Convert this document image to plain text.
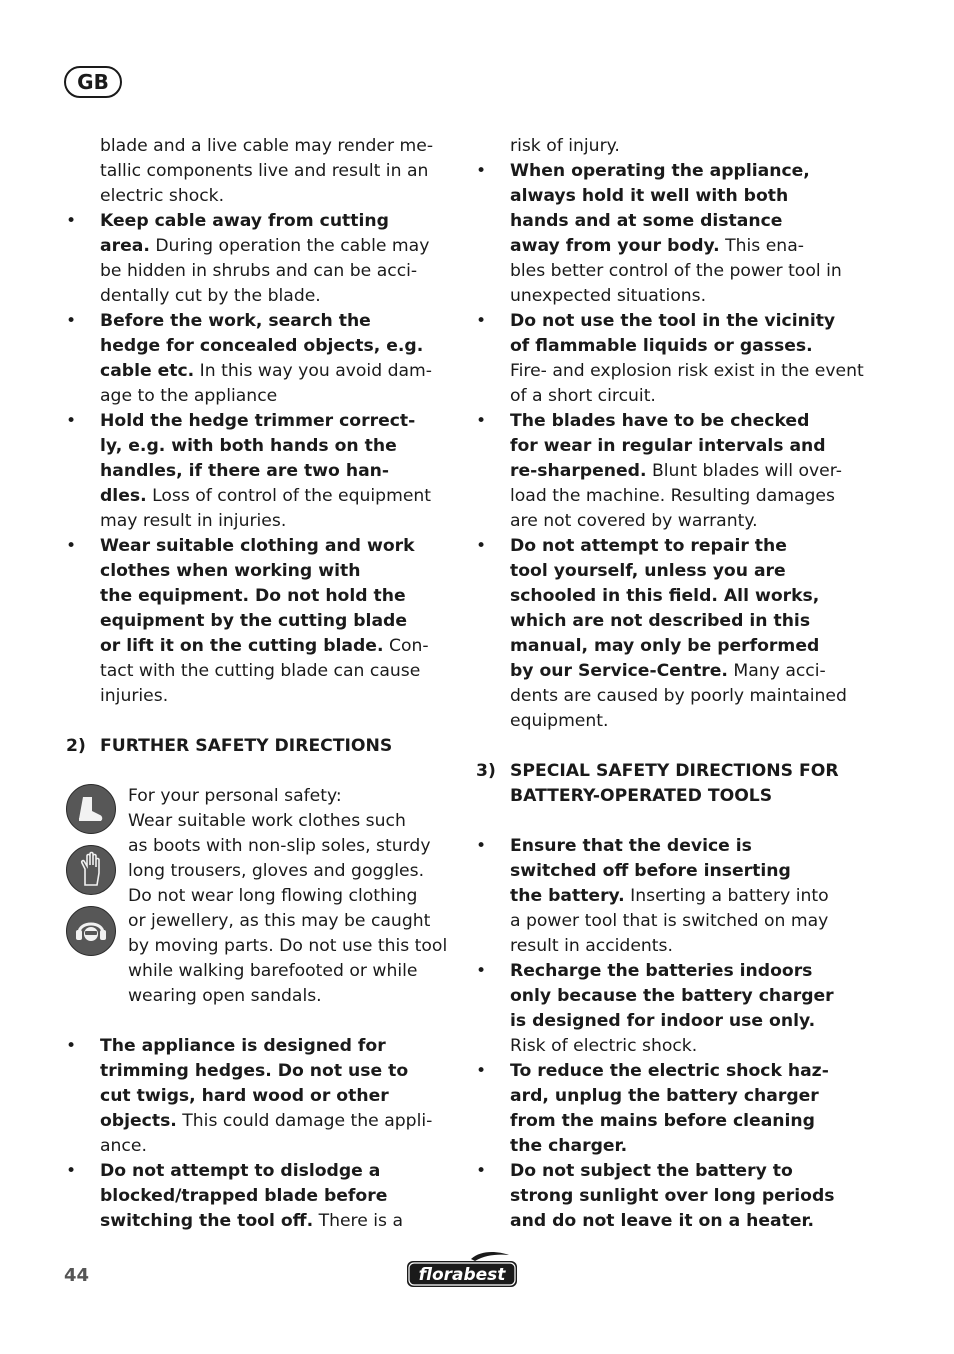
GB
blade and a live cable may render me-
tallic components live and result in an
electric shock.
• Keep cable away from cutting
area. During operation the cable may
be hidden in shrubs and can be acci-
dentally cut by the blade.
• Before the work, search the
hedge for concealed objects, e.g.
cable etc. In this way you avoid dam-
age to the appliance
• Hold the hedge trimmer correct-
ly, e.g. with both hands on the
handles, if there are two han-
dles. Loss of control of the equipment
may result in injuries.
• Wear suitable clothing and work
clothes when working with
the equipment. Do not hold the
equipment by the cutting blade
or lift it on the cutting blade. Con-
tact with the cutting blade can cause
injuries.
2) FURTHER SAFETY DIRECTIONS
For your personal safety:
Wear suitable work clothes such
as boots with non-slip soles, sturdy
long trousers, gloves and goggles.
Do not wear long flowing clothing
or jewellery, as this may be caught
by moving parts. Do not use this tool
while walking barefooted or while
wearing open sandals.
• The appliance is designed for
trimming hedges. Do not use to
cut twigs, hard wood or other
objects. This could damage the appli-
ance.
• Do not attempt to dislodge a
blocked/trapped blade before
switching the tool off. There is a
risk of injury.
• When operating the appliance,
always hold it well with both
hands and at some distance
away from your body. This ena-
bles better control of the power tool in
unexpected situations.
• Do not use the tool in the vicinity
of flammable liquids or gasses.
Fire- and explosion risk exist in the event
of a short circuit.
• The blades have to be checked
for wear in regular intervals and
re-sharpened. Blunt blades will over-
load the machine. Resulting damages
are not covered by warranty.
• Do not attempt to repair the
tool yourself, unless you are
schooled in this field. All works,
which are not described in this
manual, may only be performed
by our Service-Centre. Many acci-
dents are caused by poorly maintained
equipment.
3) SPECIAL SAFETY DIRECTIONS FOR
BATTERY-OPERATED TOOLS
• Ensure that the device is
switched off before inserting
the battery. Inserting a battery into
a power tool that is switched on may
result in accidents.
• Recharge the batteries indoors
only because the battery charger
is designed for indoor use only.
Risk of electric shock.
• To reduce the electric shock haz-
ard, unplug the battery charger
from the mains before cleaning
the charger.
• Do not subject the battery to
strong sunlight over long periods
and do not leave it on a heater.
44	florabest
